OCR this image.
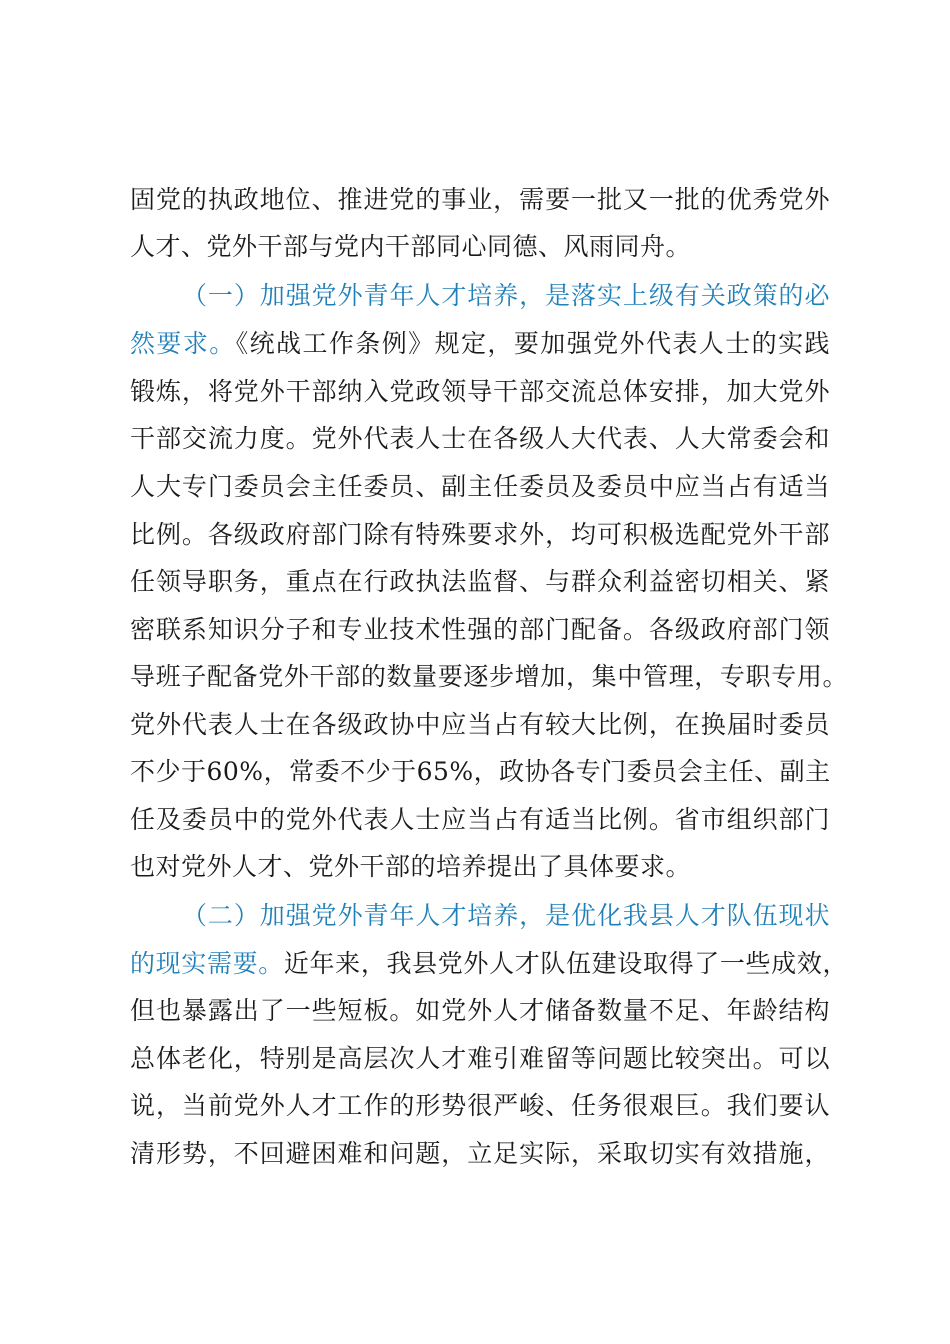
固党的执政地位、推进党的事业，需要一批又一批的优秀党外
人才、党外干部与党内干部同心同德、风雨同舟。
（一）加强党外青年人才培养，是落实上级有关政策的必
然要求。《统战工作条例》规定，要加强党外代表人士的实践
锻炼，将党外干部纳入党政领导干部交流总体安排，加大党外
干部交流力度。党外代表人士在各级人大代表、人大常委会和
人大专门委员会主任委员、副主任委员及委员中应当占有适当
比例。各级政府部门除有特殊要求外，均可积极选配党外干部
任领导职务，重点在行政执法监督、与群众利益密切相关、紧
密联系知识分子和专业技术性强的部门配备。各级政府部门领
导班子配备党外干部的数量要逐步增加，集中管理，专职专用。
党外代表人士在各级政协中应当占有较大比例，在换届时委员
不少于60%，常委不少于65%，政协各专门委员会主任、副主
任及委员中的党外代表人士应当占有适当比例。省市组织部门
也对党外人才、党外干部的培养提出了具体要求。
（二）加强党外青年人才培养，是优化我县人才队伍现状
的现实需要。近年来，我县党外人才队伍建设取得了一些成效，
但也暴露出了一些短板。如党外人才储备数量不足、年龄结构
总体老化，特别是高层次人才难引难留等问题比较突出。可以
说，当前党外人才工作的形势很严峻、任务很艰巨。我们要认
清形势，不回避困难和问题，立足实际，采取切实有效措施，
